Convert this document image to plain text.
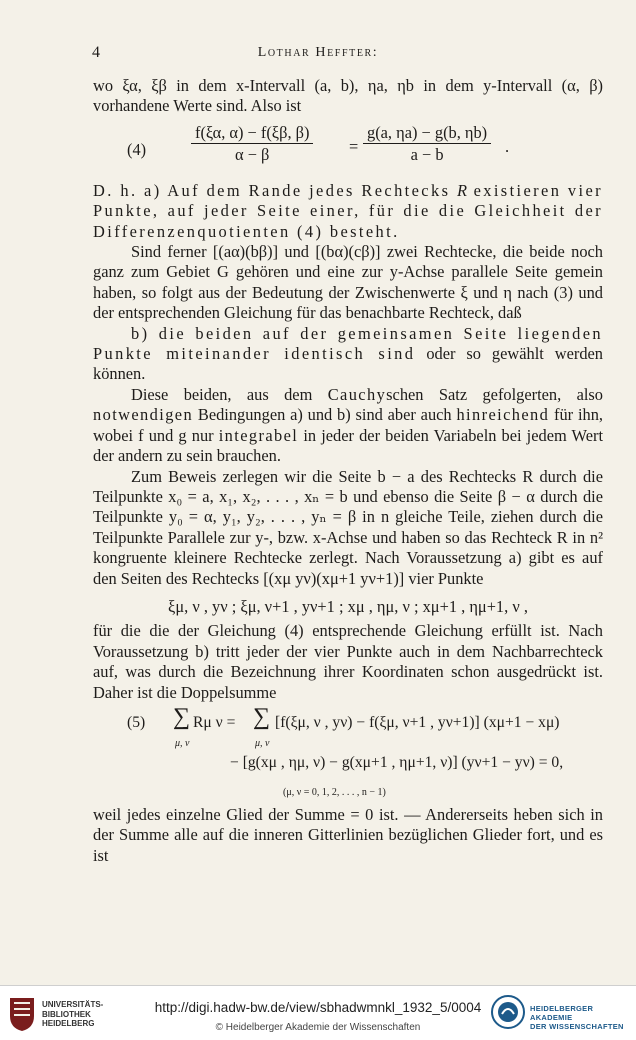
4	Lothar Heffter:

wo ξα, ξβ in dem x-Intervall (a, b), ηa, ηb in dem y-Intervall (α, β) vorhandene Werte sind. Also ist

(4)	$\frac{f(\xi\alpha, \alpha) - f(\xi\beta, \beta)}{\alpha - \beta} = \frac{g(a, \eta a) - g(b, \eta b)}{a - b}$ .

D. h. a) Auf dem Rande jedes Rechtecks R existieren vier Punkte, auf jeder Seite einer, für die die Gleichheit der Differenzenquotienten (4) besteht.

Sind ferner [(aα)(bβ)] und [(bα)(cβ)] zwei Rechtecke, die beide noch ganz zum Gebiet G gehören und eine zur y-Achse parallele Seite gemein haben, so folgt aus der Bedeutung der Zwischenwerte ξ und η nach (3) und der entsprechenden Gleichung für das benachbarte Rechteck, daß

b) die beiden auf der gemeinsamen Seite liegenden Punkte miteinander identisch sind oder so gewählt werden können.

Diese beiden, aus dem Cauchyschen Satz gefolgerten, also notwendigen Bedingungen a) und b) sind aber auch hinreichend für ihn, wobei f und g nur integrabel in jeder der beiden Variabeln bei jedem Wert der andern zu sein brauchen.

Zum Beweis zerlegen wir die Seite b − a des Rechtecks R durch die Teilpunkte x₀ = a, x₁, x₂, . . . , xₙ = b und ebenso die Seite β − α durch die Teilpunkte y₀ = α, y₁, y₂, . . . , yₙ = β in n gleiche Teile, ziehen durch die Teilpunkte Parallele zur y-, bzw. x-Achse und haben so das Rechteck R in n² kongruente kleinere Rechtecke zerlegt. Nach Voraussetzung a) gibt es auf den Seiten des Rechtecks [(xμ yν)(xμ+1 yν+1)] vier Punkte

ξμ, ν , yν ; ξμ, ν+1 , yν+1 ; xμ , ημ, ν ; xμ+1 , ημ+1, ν ,

für die die der Gleichung (4) entsprechende Gleichung erfüllt ist. Nach Voraussetzung b) tritt jeder der vier Punkte auch in dem Nachbarrechteck auf, was durch die Bezeichnung ihrer Koordinaten schon ausgedrückt ist. Daher ist die Doppelsumme

(5) ∑
μ, ν
Rμ ν = ∑
μ, ν
[f(ξμ, ν , yν) − f(ξμ, ν+1 , yν+1)] (xμ+1 − xμ)
− [g(xμ , ημ, ν) − g(xμ+1 , ημ+1, ν)] (yν+1 − yν) = 0,
(μ, ν = 0, 1, 2, . . . , n − 1)

weil jedes einzelne Glied der Summe = 0 ist. — Andererseits heben sich in der Summe alle auf die inneren Gitterlinien bezüglichen Glieder fort, und es ist

UNIVERSITÄTS-
BIBLIOTHEK
HEIDELBERG
http://digi.hadw-bw.de/view/sbhadwmnkl_1932_5/0004
© Heidelberger Akademie der Wissenschaften
HEIDELBERGER AKADEMIE
DER WISSENSCHAFTEN
